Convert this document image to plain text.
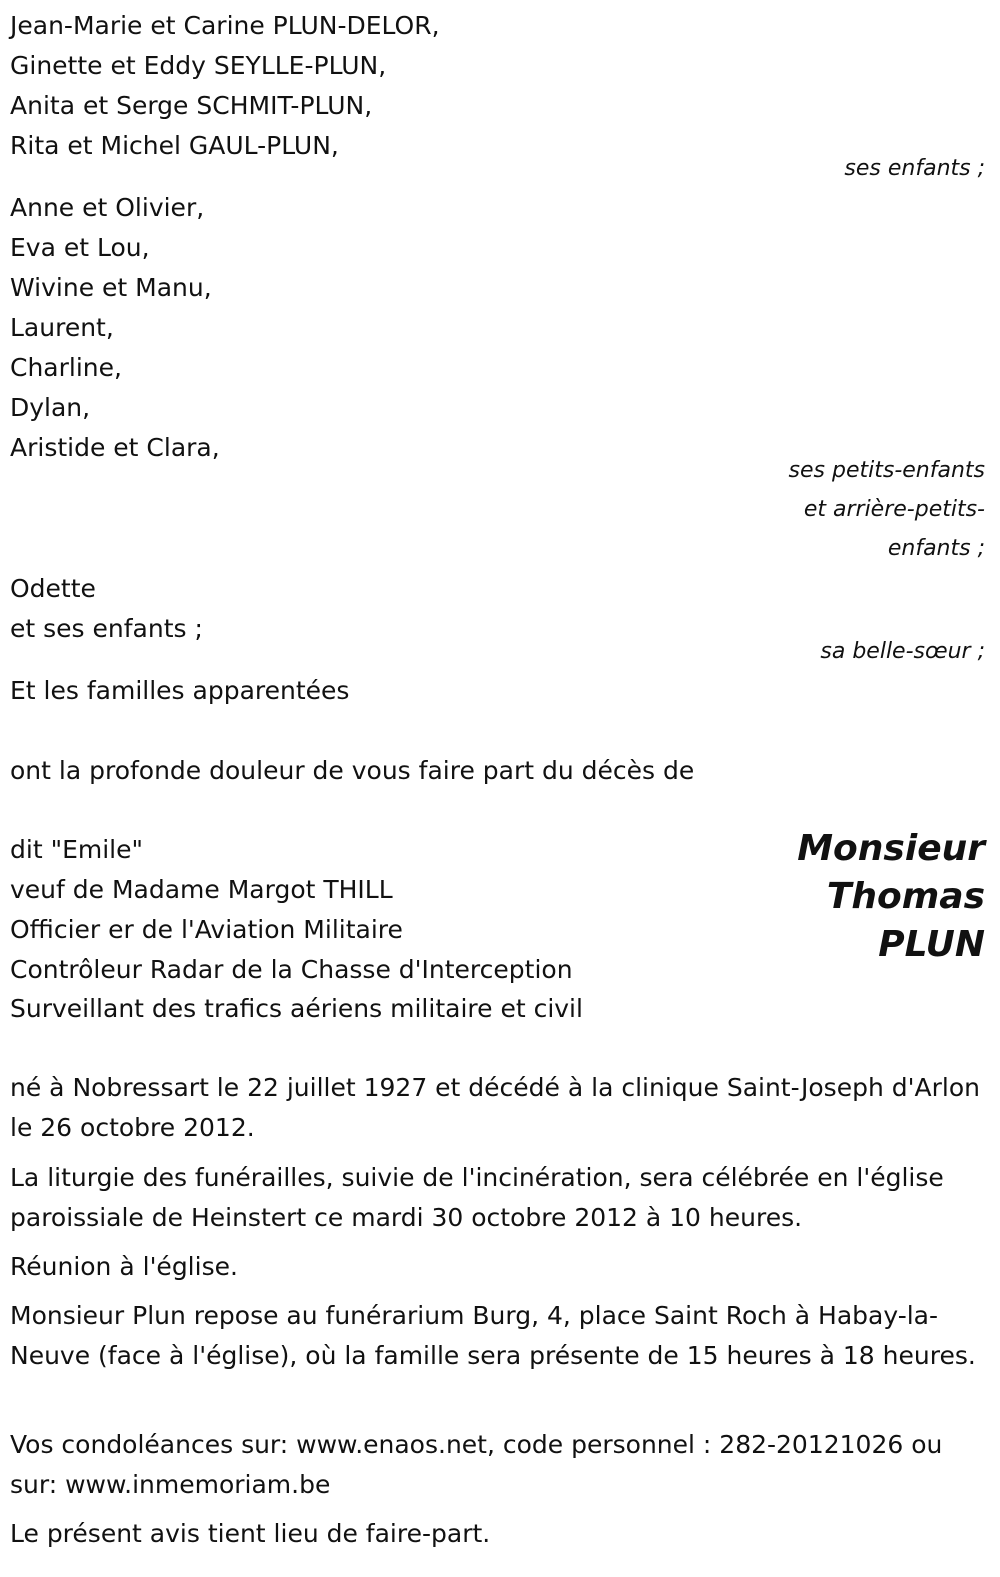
Jean-Marie et Carine PLUN-DELOR,
Ginette et Eddy SEYLLE-PLUN,
Anita et Serge SCHMIT-PLUN,
Rita et Michel GAUL-PLUN,
ses enfants ;
Anne et Olivier,
Eva et Lou,
Wivine et Manu,
Laurent,
Charline,
Dylan,
Aristide et Clara,
ses petits-enfants
et arrière-petits-
enfants ;
Odette
et ses enfants ;
sa belle-sœur ;
Et les familles apparentées
ont la profonde douleur de vous faire part du décès de
Monsieur
Thomas
PLUN
dit "Emile"
veuf de Madame Margot THILL
Officier er de l'Aviation Militaire
Contrôleur Radar de la Chasse d'Interception
Surveillant des trafics aériens militaire et civil
né à Nobressart le 22 juillet 1927 et décédé à la clinique Saint-Joseph d'Arlon le 26 octobre 2012.
La liturgie des funérailles, suivie de l'incinération, sera célébrée en l'église paroissiale de Heinstert ce mardi 30 octobre 2012 à 10 heures.
Réunion à l'église.
Monsieur Plun repose au funérarium Burg, 4, place Saint Roch à Habay-la-Neuve (face à l'église), où la famille sera présente de 15 heures à 18 heures.
Vos condoléances sur: www.enaos.net, code personnel : 282-20121026 ou sur: www.inmemoriam.be
Le présent avis tient lieu de faire-part.
